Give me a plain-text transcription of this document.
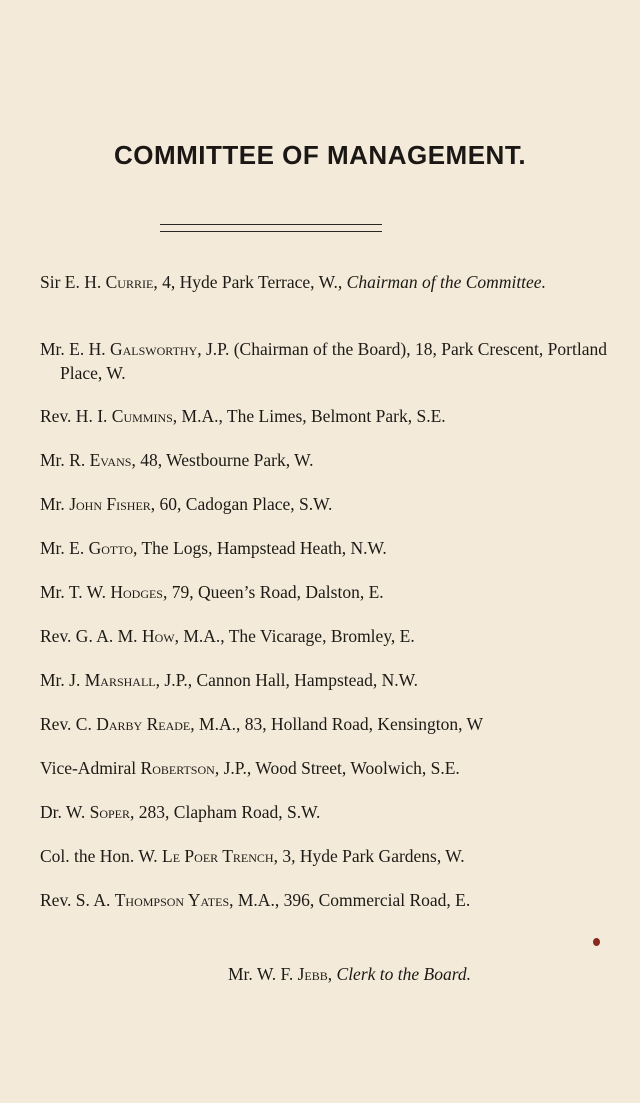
COMMITTEE OF MANAGEMENT.
Sir E. H. Currie, 4, Hyde Park Terrace, W., Chairman of the Committee.
Mr. E. H. Galsworthy, J.P. (Chairman of the Board), 18, Park Crescent, Portland Place, W.
Rev. H. I. Cummins, M.A., The Limes, Belmont Park, S.E.
Mr. R. Evans, 48, Westbourne Park, W.
Mr. John Fisher, 60, Cadogan Place, S.W.
Mr. E. Gotto, The Logs, Hampstead Heath, N.W.
Mr. T. W. Hodges, 79, Queen’s Road, Dalston, E.
Rev. G. A. M. How, M.A., The Vicarage, Bromley, E.
Mr. J. Marshall, J.P., Cannon Hall, Hampstead, N.W.
Rev. C. Darby Reade, M.A., 83, Holland Road, Kensington, W
Vice-Admiral Robertson, J.P., Wood Street, Woolwich, S.E.
Dr. W. Soper, 283, Clapham Road, S.W.
Col. the Hon. W. Le Poer Trench, 3, Hyde Park Gardens, W.
Rev. S. A. Thompson Yates, M.A., 396, Commercial Road, E.
Mr. W. F. Jebb, Clerk to the Board.
